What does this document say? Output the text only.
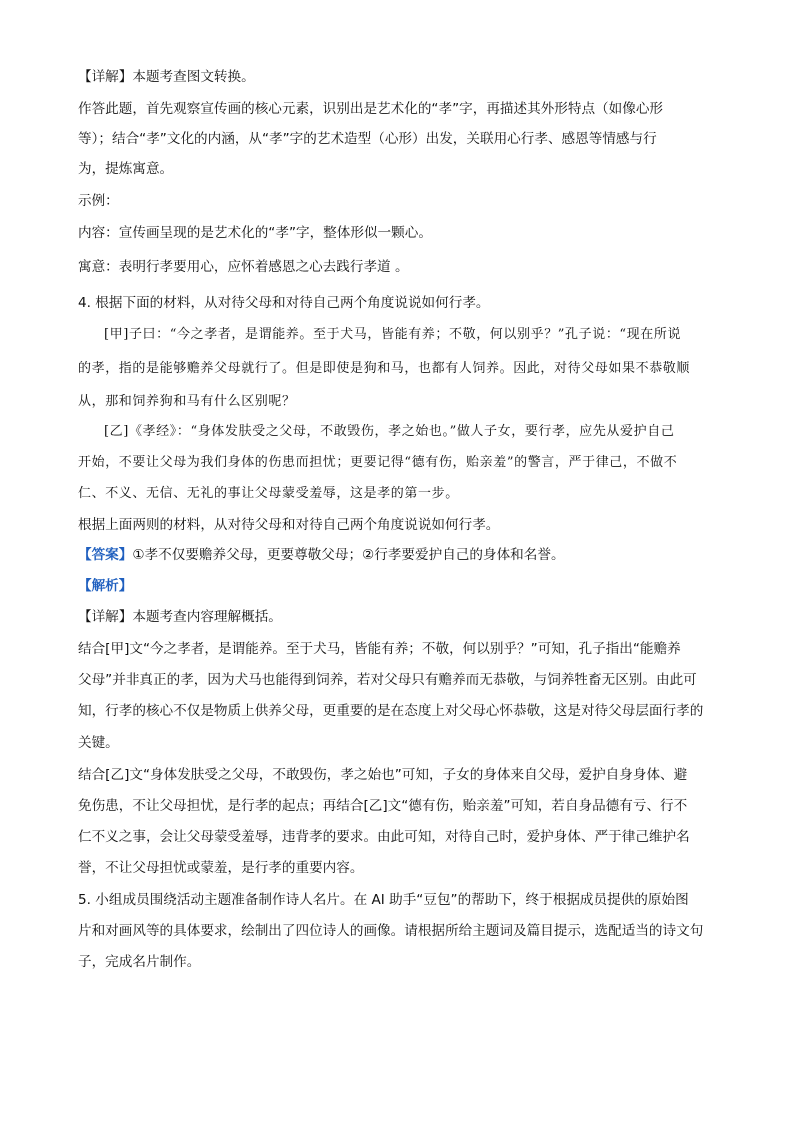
【详解】本题考查图文转换。
作答此题，首先观察宣传画的核心元素，识别出是艺术化的“孝”字，再描述其外形特点（如像心形
等）；结合“孝”文化的内涵，从“孝”字的艺术造型（心形）出发，关联用心行孝、感恩等情感与行
为，提炼寓意。
示例：
内容：宣传画呈现的是艺术化的“孝”字，整体形似一颗心。
寓意：表明行孝要用心，应怀着感恩之心去践行孝道 。
4. 根据下面的材料，从对待父母和对待自己两个角度说说如何行孝。
[甲]子曰：“今之孝者，是谓能养。至于犬马，皆能有养；不敬，何以别乎？”孔子说：“现在所说
的孝，指的是能够赡养父母就行了。但是即使是狗和马，也都有人饲养。因此，对待父母如果不恭敬顺
从，那和饲养狗和马有什么区别呢？
[乙]《孝经》：“身体发肤受之父母，不敢毁伤，孝之始也。”做人子女，要行孝，应先从爱护自己
开始，不要让父母为我们身体的伤患而担忧；更要记得“德有伤，贻亲羞”的警言，严于律己，不做不
仁、不义、无信、无礼的事让父母蒙受羞辱，这是孝的第一步。
根据上面两则的材料，从对待父母和对待自己两个角度说说如何行孝。
【答案】①孝不仅要赡养父母，更要尊敬父母；②行孝要爱护自己的身体和名誉。
【解析】
【详解】本题考查内容理解概括。
结合[甲]文“今之孝者，是谓能养。至于犬马，皆能有养；不敬，何以别乎？”可知，孔子指出“能赡养
父母”并非真正的孝，因为犬马也能得到饲养，若对父母只有赡养而无恭敬，与饲养牲畜无区别。由此可
知，行孝的核心不仅是物质上供养父母，更重要的是在态度上对父母心怀恭敬，这是对待父母层面行孝的
关键。
结合[乙]文“身体发肤受之父母，不敢毁伤，孝之始也”可知，子女的身体来自父母，爱护自身身体、避
免伤患，不让父母担忧，是行孝的起点；再结合[乙]文“德有伤，贻亲羞”可知，若自身品德有亏、行不
仁不义之事，会让父母蒙受羞辱，违背孝的要求。由此可知，对待自己时，爱护身体、严于律己维护名
誉，不让父母担忧或蒙羞，是行孝的重要内容。
5. 小组成员围绕活动主题准备制作诗人名片。在 AI 助手“豆包”的帮助下，终于根据成员提供的原始图
片和对画风等的具体要求，绘制出了四位诗人的画像。请根据所给主题词及篇目提示，选配适当的诗文句
子，完成名片制作。
